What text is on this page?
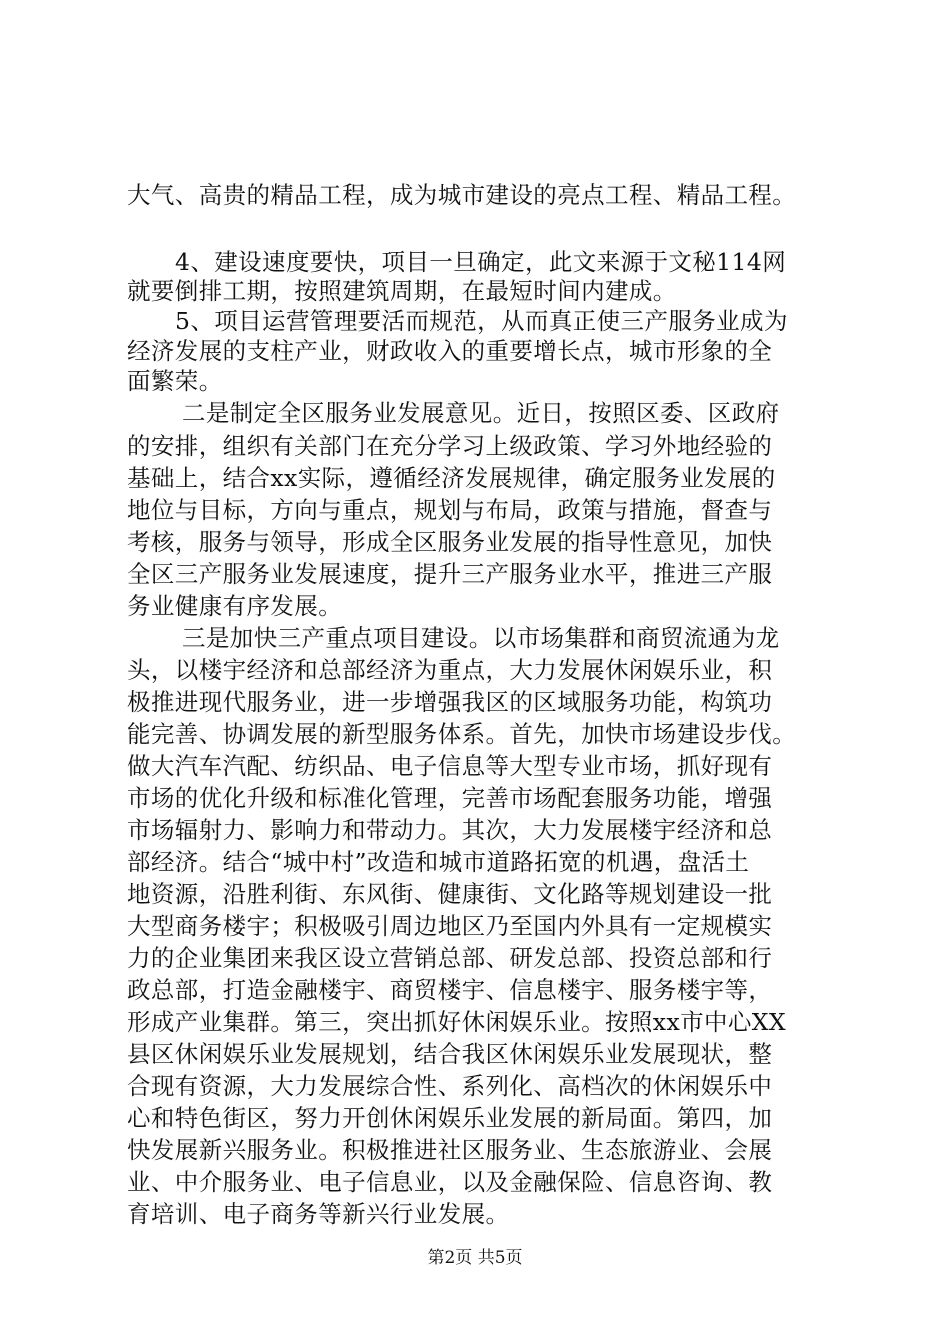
大气、高贵的精品工程，成为城市建设的亮点工程、精品工程。
4、建设速度要快，项目一旦确定，此文来源于文秘114网
就要倒排工期，按照建筑周期，在最短时间内建成。
5、项目运营管理要活而规范，从而真正使三产服务业成为
经济发展的支柱产业，财政收入的重要增长点，城市形象的全
面繁荣。
二是制定全区服务业发展意见。近日，按照区委、区政府
的安排，组织有关部门在充分学习上级政策、学习外地经验的
基础上，结合xx实际，遵循经济发展规律，确定服务业发展的
地位与目标，方向与重点，规划与布局，政策与措施，督查与
考核，服务与领导，形成全区服务业发展的指导性意见，加快
全区三产服务业发展速度，提升三产服务业水平，推进三产服
务业健康有序发展。
三是加快三产重点项目建设。以市场集群和商贸流通为龙
头，以楼宇经济和总部经济为重点，大力发展休闲娱乐业，积
极推进现代服务业，进一步增强我区的区域服务功能，构筑功
能完善、协调发展的新型服务体系。首先，加快市场建设步伐。
做大汽车汽配、纺织品、电子信息等大型专业市场，抓好现有
市场的优化升级和标准化管理，完善市场配套服务功能，增强
市场辐射力、影响力和带动力。其次，大力发展楼宇经济和总
部经济。结合“城中村”改造和城市道路拓宽的机遇，盘活土
地资源，沿胜利街、东风街、健康街、文化路等规划建设一批
大型商务楼宇；积极吸引周边地区乃至国内外具有一定规模实
力的企业集团来我区设立营销总部、研发总部、投资总部和行
政总部，打造金融楼宇、商贸楼宇、信息楼宇、服务楼宇等，
形成产业集群。第三，突出抓好休闲娱乐业。按照xx市中心XX
县区休闲娱乐业发展规划，结合我区休闲娱乐业发展现状，整
合现有资源，大力发展综合性、系列化、高档次的休闲娱乐中
心和特色街区，努力开创休闲娱乐业发展的新局面。第四，加
快发展新兴服务业。积极推进社区服务业、生态旅游业、会展
业、中介服务业、电子信息业，以及金融保险、信息咨询、教
育培训、电子商务等新兴行业发展。
第2页 共5页
